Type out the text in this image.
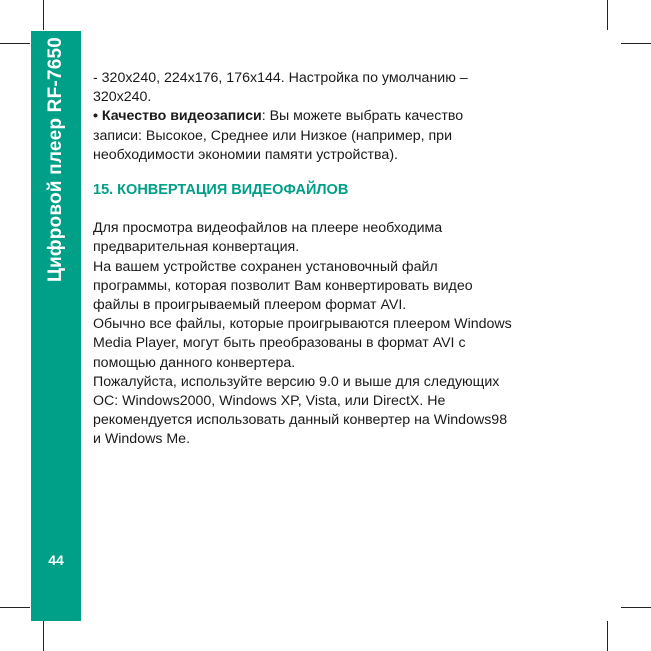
Цифровой плеер RF-7650
44

- 320x240, 224x176, 176x144. Настройка по умолчанию –
320x240.

• Качество видеозаписи: Вы можете выбрать качество
записи: Высокое, Среднее или Низкое (например, при
необходимости экономии памяти устройства).

15. КОНВЕРТАЦИЯ ВИДЕОФАЙЛОВ

Для просмотра видеофайлов на плеере необходима
предварительная конвертация.

На вашем устройстве сохранен установочный файл
программы, которая позволит Вам конвертировать видео
файлы в проигрываемый плеером формат AVI.

Обычно все файлы, которые проигрываются плеером Windows
Media Player, могут быть преобразованы в формат AVI с
помощью данного конвертера.

Пожалуйста, используйте версию 9.0 и выше для следующих
ОС: Windows2000, Windows XP, Vista, или DirectX. Не
рекомендуется использовать данный конвертер на Windows98
и Windows Me.
